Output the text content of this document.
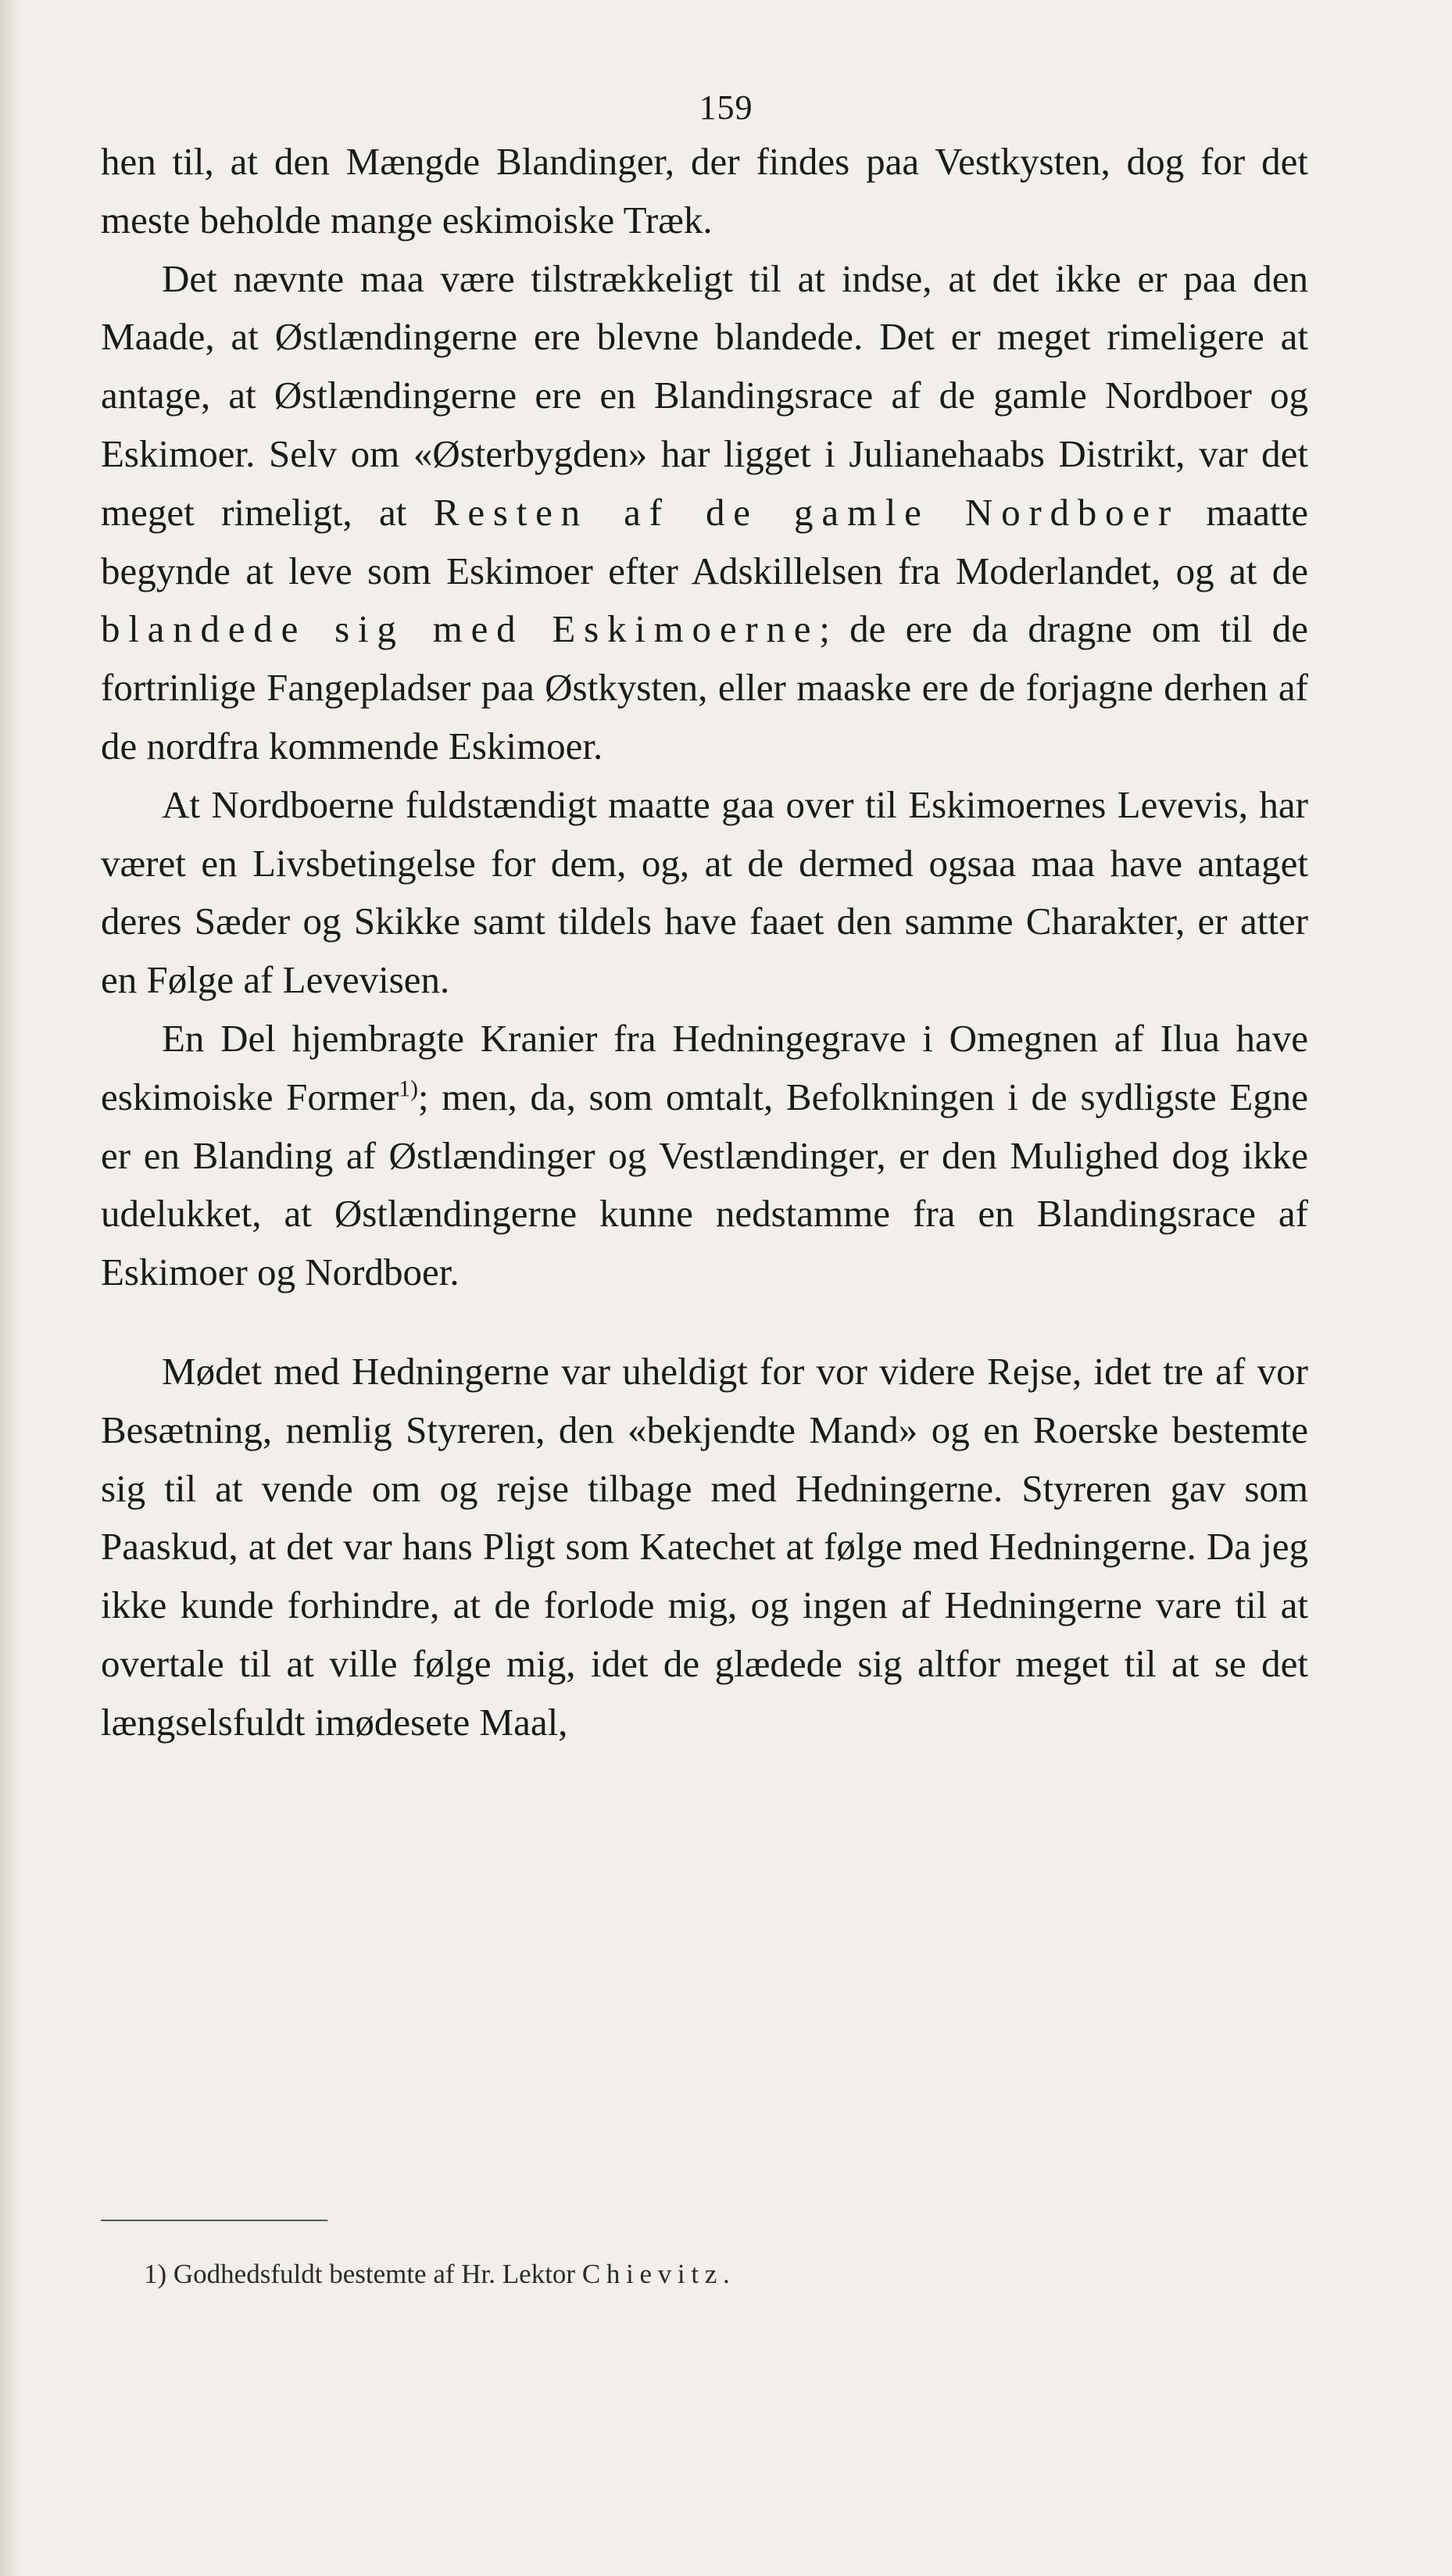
159

hen til, at den Mængde Blandinger, der findes paa Vestkysten, dog for det meste beholde mange eskimoiske Træk.

Det nævnte maa være tilstrækkeligt til at indse, at det ikke er paa den Maade, at Østlændingerne ere blevne blandede. Det er meget rimeligere at antage, at Østlændingerne ere en Blandingsrace af de gamle Nordboer og Eskimoer. Selv om «Østerbygden» har ligget i Julianehaabs Distrikt, var det meget rimeligt, at Resten af de gamle Nordboer maatte begynde at leve som Eskimoer efter Adskillelsen fra Moderlandet, og at de blandede sig med Eskimoerne; de ere da dragne om til de fortrinlige Fangepladser paa Østkysten, eller maaske ere de forjagne derhen af de nordfra kommende Eskimoer.

At Nordboerne fuldstændigt maatte gaa over til Eskimoernes Levevis, har været en Livsbetingelse for dem, og, at de dermed ogsaa maa have antaget deres Sæder og Skikke samt tildels have faaet den samme Charakter, er atter en Følge af Levevisen.

En Del hjembragte Kranier fra Hedningegrave i Omegnen af Ilua have eskimoiske Former$^{1)}$; men, da, som omtalt, Befolkningen i de sydligste Egne er en Blanding af Østlændinger og Vestlændinger, er den Mulighed dog ikke udelukket, at Østlændingerne kunne nedstamme fra en Blandingsrace af Eskimoer og Nordboer.

Mødet med Hedningerne var uheldigt for vor videre Rejse, idet tre af vor Besætning, nemlig Styreren, den «bekjendte Mand» og en Roerske bestemte sig til at vende om og rejse tilbage med Hedningerne. Styreren gav som Paaskud, at det var hans Pligt som Katechet at følge med Hedningerne. Da jeg ikke kunde forhindre, at de forlode mig, og ingen af Hedningerne vare til at overtale til at ville følge mig, idet de glædede sig altfor meget til at se det længselsfuldt imødesete Maal,

1) Godhedsfuldt bestemte af Hr. Lektor Chievitz.
